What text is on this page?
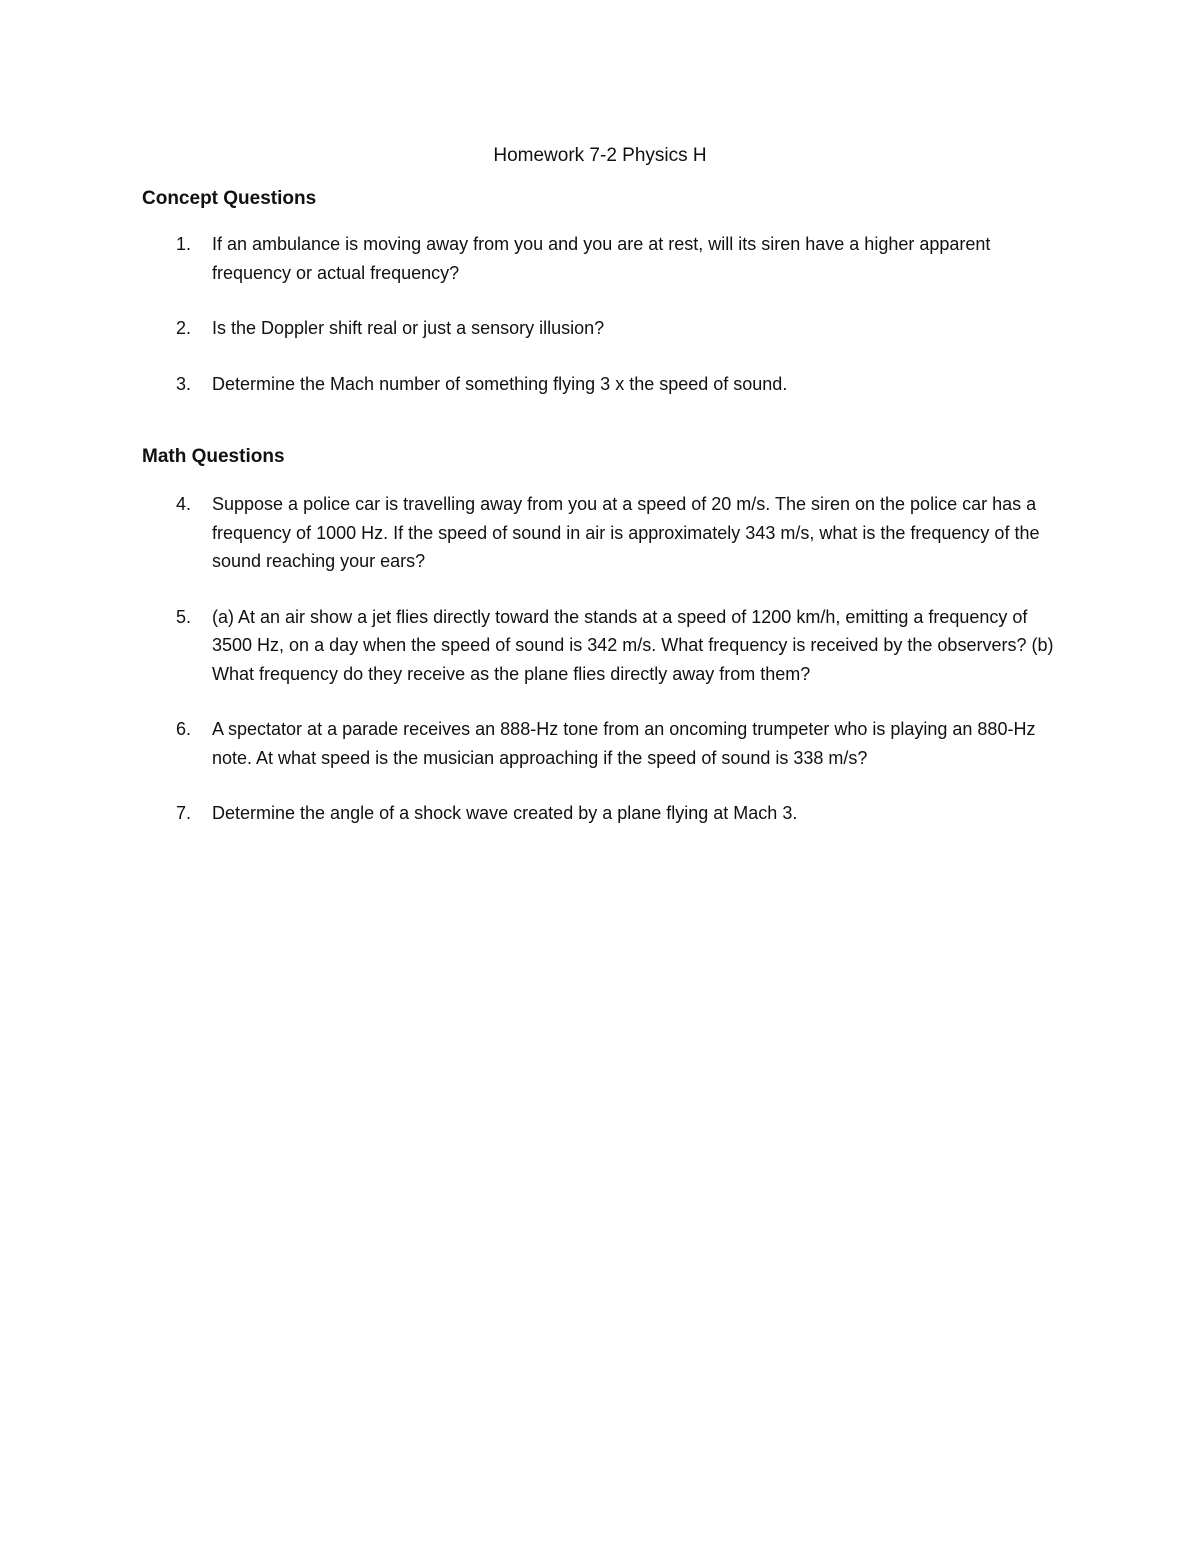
Homework 7-2 Physics H
Concept Questions
1. If an ambulance is moving away from you and you are at rest, will its siren have a higher apparent frequency or actual frequency?
2. Is the Doppler shift real or just a sensory illusion?
3. Determine the Mach number of something flying 3 x the speed of sound.
Math Questions
4. Suppose a police car is travelling away from you at a speed of 20 m/s. The siren on the police car has a frequency of 1000 Hz. If the speed of sound in air is approximately 343 m/s, what is the frequency of the sound reaching your ears?
5. (a) At an air show a jet flies directly toward the stands at a speed of 1200 km/h, emitting a frequency of 3500 Hz, on a day when the speed of sound is 342 m/s. What frequency is received by the observers? (b) What frequency do they receive as the plane flies directly away from them?
6. A spectator at a parade receives an 888-Hz tone from an oncoming trumpeter who is playing an 880-Hz note. At what speed is the musician approaching if the speed of sound is 338 m/s?
7. Determine the angle of a shock wave created by a plane flying at Mach 3.
